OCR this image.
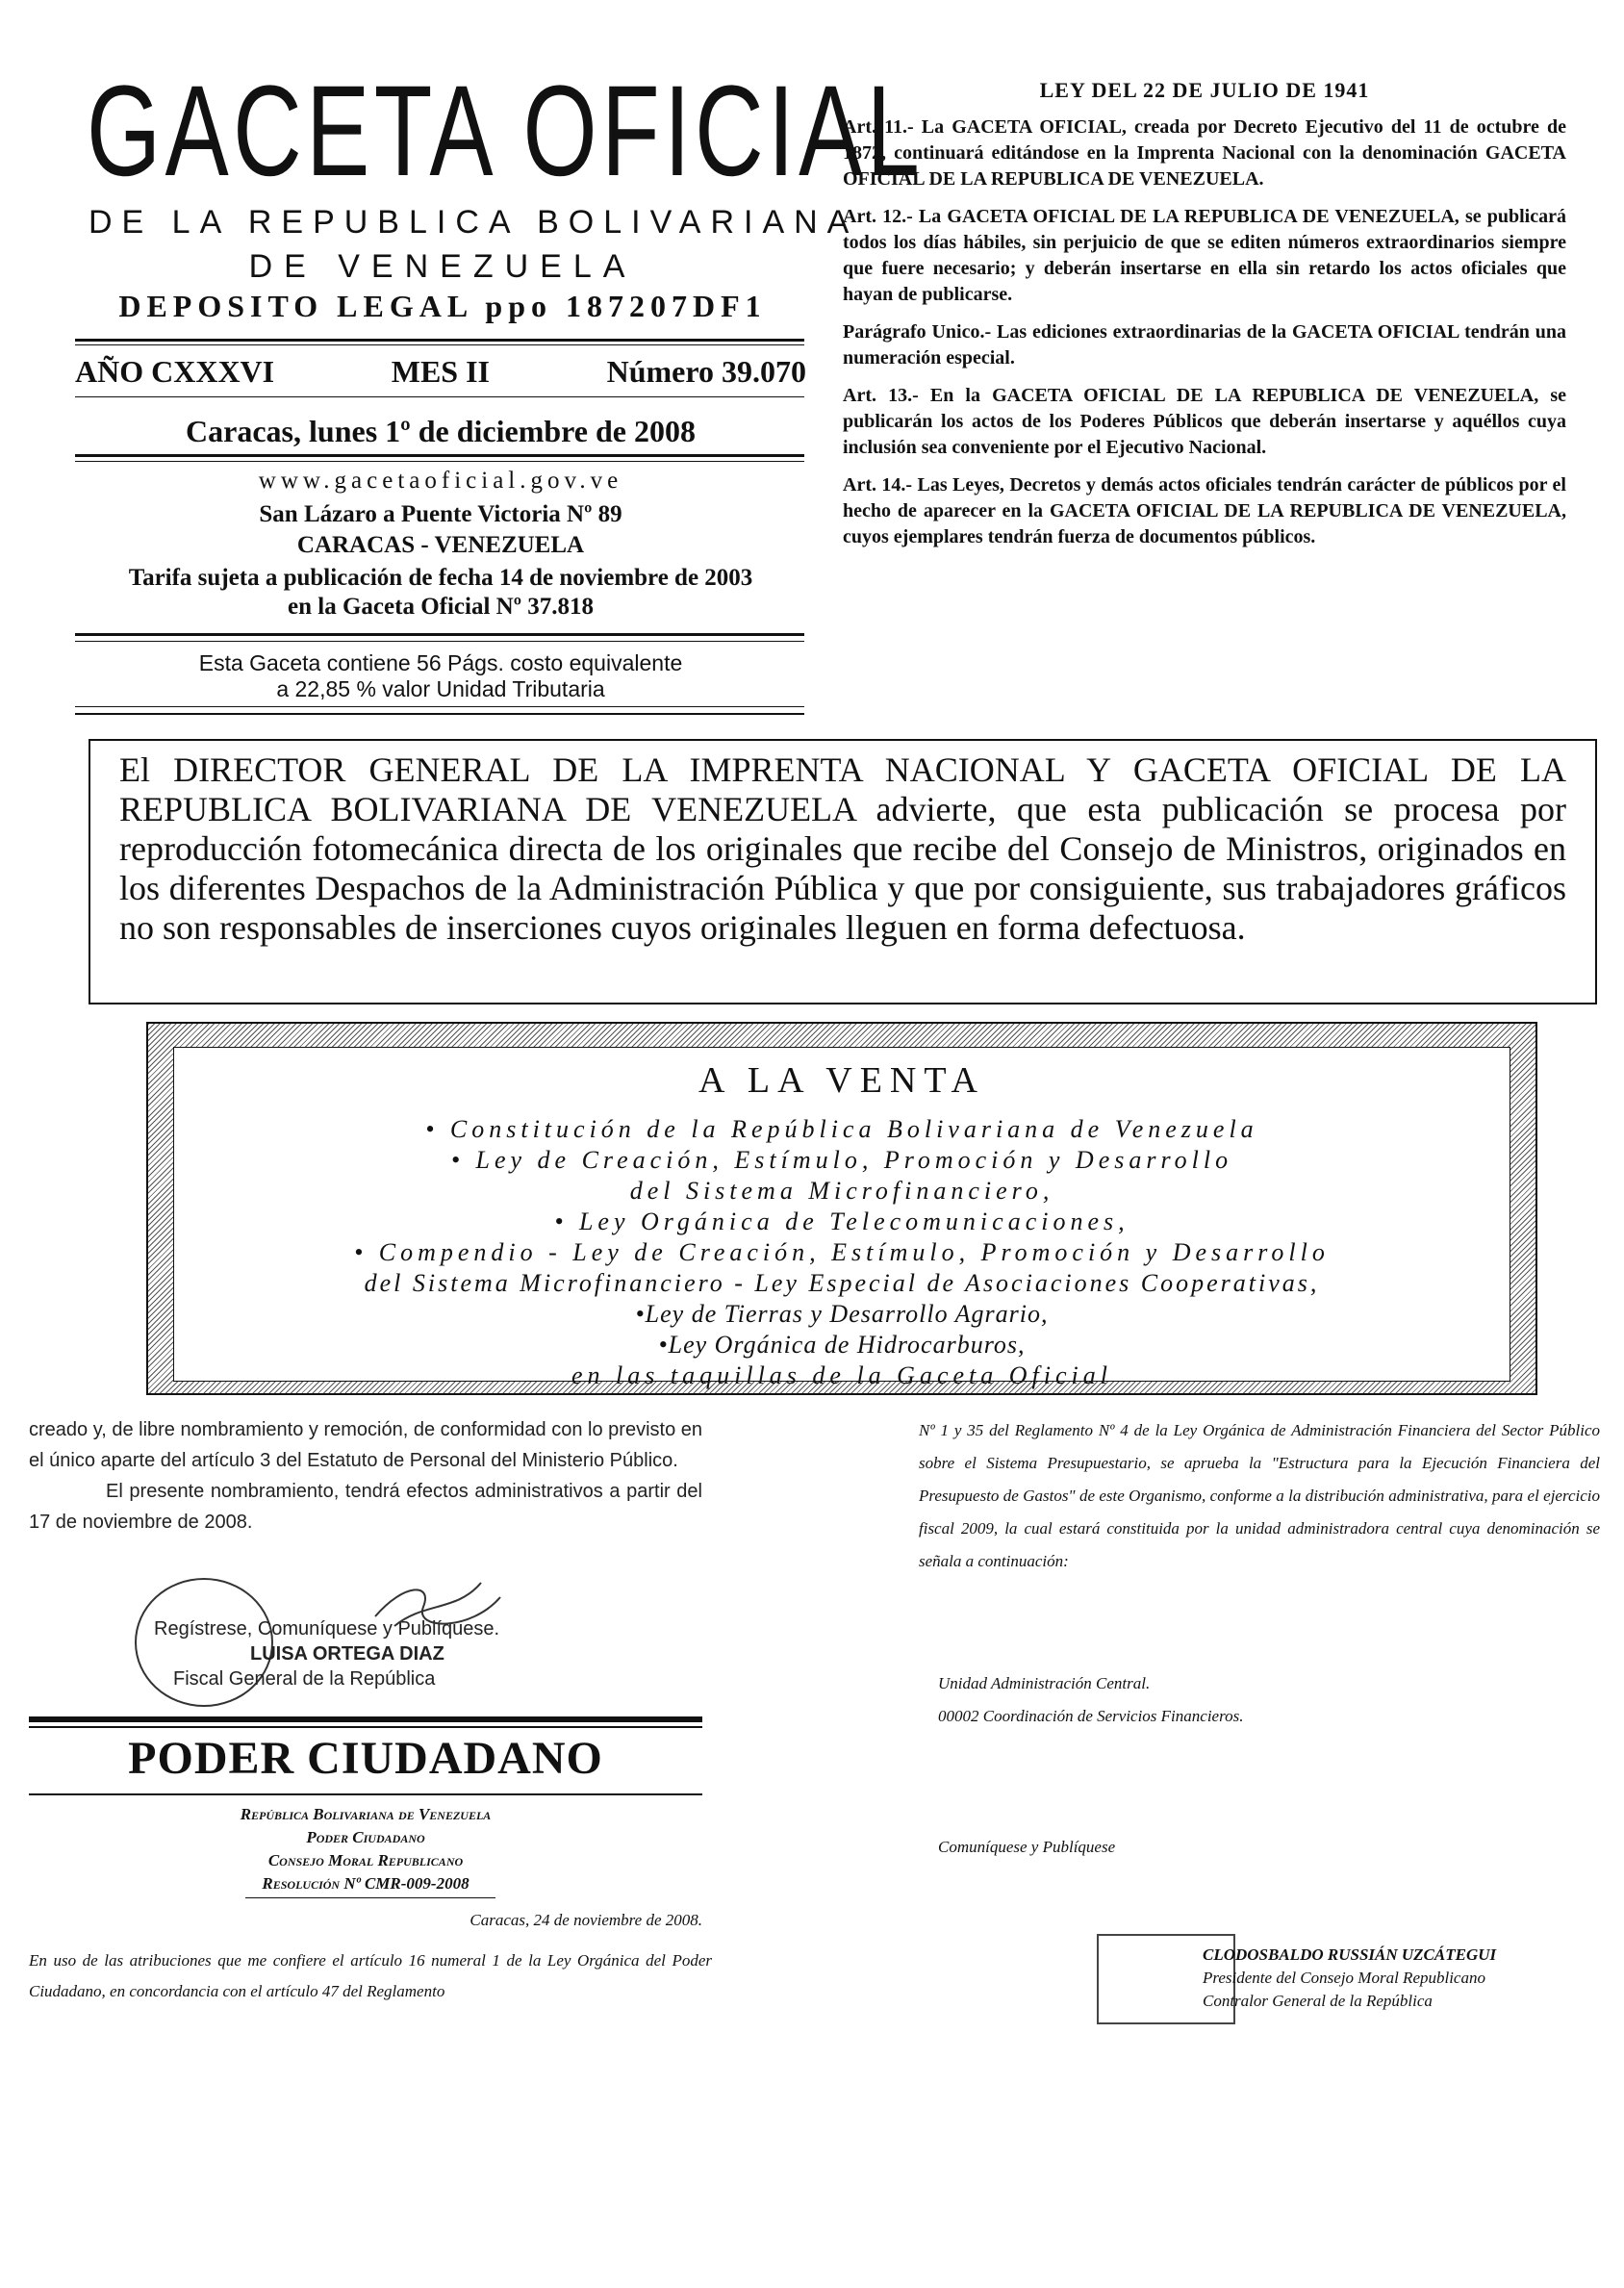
GACETA OFICIAL
DE LA REPUBLICA BOLIVARIANA
DE VENEZUELA
DEPOSITO LEGAL ppo 187207DF1
AÑO CXXXVI	MES II	Número 39.070
Caracas, lunes 1º de diciembre de 2008
www.gacetaoficial.gov.ve
San Lázaro a Puente Victoria Nº 89
CARACAS - VENEZUELA
Tarifa sujeta a publicación de fecha 14 de noviembre de 2003
en la Gaceta Oficial Nº 37.818
Esta Gaceta contiene 56 Págs. costo equivalente
a 22,85 % valor Unidad Tributaria
LEY DEL 22 DE JULIO DE 1941

Art. 11.- La GACETA OFICIAL, creada por Decreto Ejecutivo del 11 de octubre de 1872, continuará editándose en la Imprenta Nacional con la denominación GACETA OFICIAL DE LA REPUBLICA DE VENEZUELA.

Art. 12.- La GACETA OFICIAL DE LA REPUBLICA DE VENEZUELA, se publicará todos los días hábiles, sin perjuicio de que se editen números extraordinarios siempre que fuere necesario; y deberán insertarse en ella sin retardo los actos oficiales que hayan de publicarse.

Parágrafo Unico.- Las ediciones extraordinarias de la GACETA OFICIAL tendrán una numeración especial.

Art. 13.- En la GACETA OFICIAL DE LA REPUBLICA DE VENEZUELA, se publicarán los actos de los Poderes Públicos que deberán insertarse y aquéllos cuya inclusión sea conveniente por el Ejecutivo Nacional.

Art. 14.- Las Leyes, Decretos y demás actos oficiales tendrán carácter de públicos por el hecho de aparecer en la GACETA OFICIAL DE LA REPUBLICA DE VENEZUELA, cuyos ejemplares tendrán fuerza de documentos públicos.

El DIRECTOR GENERAL DE LA IMPRENTA NACIONAL Y GACETA OFICIAL DE LA REPUBLICA BOLIVARIANA DE VENEZUELA advierte, que esta publicación se procesa por reproducción fotomecánica directa de los originales que recibe del Consejo de Ministros, originados en los diferentes Despachos de la Administración Pública y que por consiguiente, sus trabajadores gráficos no son responsables de inserciones cuyos originales lleguen en forma defectuosa.
A LA VENTA
• Constitución de la República Bolivariana de Venezuela
• Ley de Creación, Estímulo, Promoción y Desarrollo
del Sistema Microfinanciero,
• Ley Orgánica de Telecomunicaciones,
• Compendio - Ley de Creación, Estímulo, Promoción y Desarrollo
del Sistema Microfinanciero - Ley Especial de Asociaciones Cooperativas,
•Ley de Tierras y Desarrollo Agrario,
•Ley Orgánica de Hidrocarburos,
en las taquillas de la Gaceta Oficial

creado y, de libre nombramiento y remoción, de conformidad con lo previsto en el único aparte del artículo 3 del Estatuto de Personal del Ministerio Público.

El presente nombramiento, tendrá efectos administrativos a partir del 17 de noviembre de 2008.

Regístrese, Comuníquese y Publíquese.
LUISA ORTEGA DIAZ
Fiscal General de la República
PODER CIUDADANO
República Bolivariana de Venezuela
Poder Ciudadano
Consejo Moral Republicano
Resolución Nº CMR-009-2008
Caracas, 24 de noviembre de 2008.
En uso de las atribuciones que me confiere el artículo 16 numeral 1 de la Ley Orgánica del Poder Ciudadano, en concordancia con el artículo 47 del Reglamento
Nº 1 y 35 del Reglamento Nº 4 de la Ley Orgánica de Administración Financiera del Sector Público sobre el Sistema Presupuestario, se aprueba la "Estructura para la Ejecución Financiera del Presupuesto de Gastos" de este Organismo, conforme a la distribución administrativa, para el ejercicio fiscal 2009, la cual estará constituida por la unidad administradora central cuya denominación se señala a continuación:
Unidad Administración Central.
00002 Coordinación de Servicios Financieros.
Comuníquese y Publíquese
CLODOSBALDO RUSSIÁN UZCÁTEGUI
Presidente del Consejo Moral Republicano
Contralor General de la República
